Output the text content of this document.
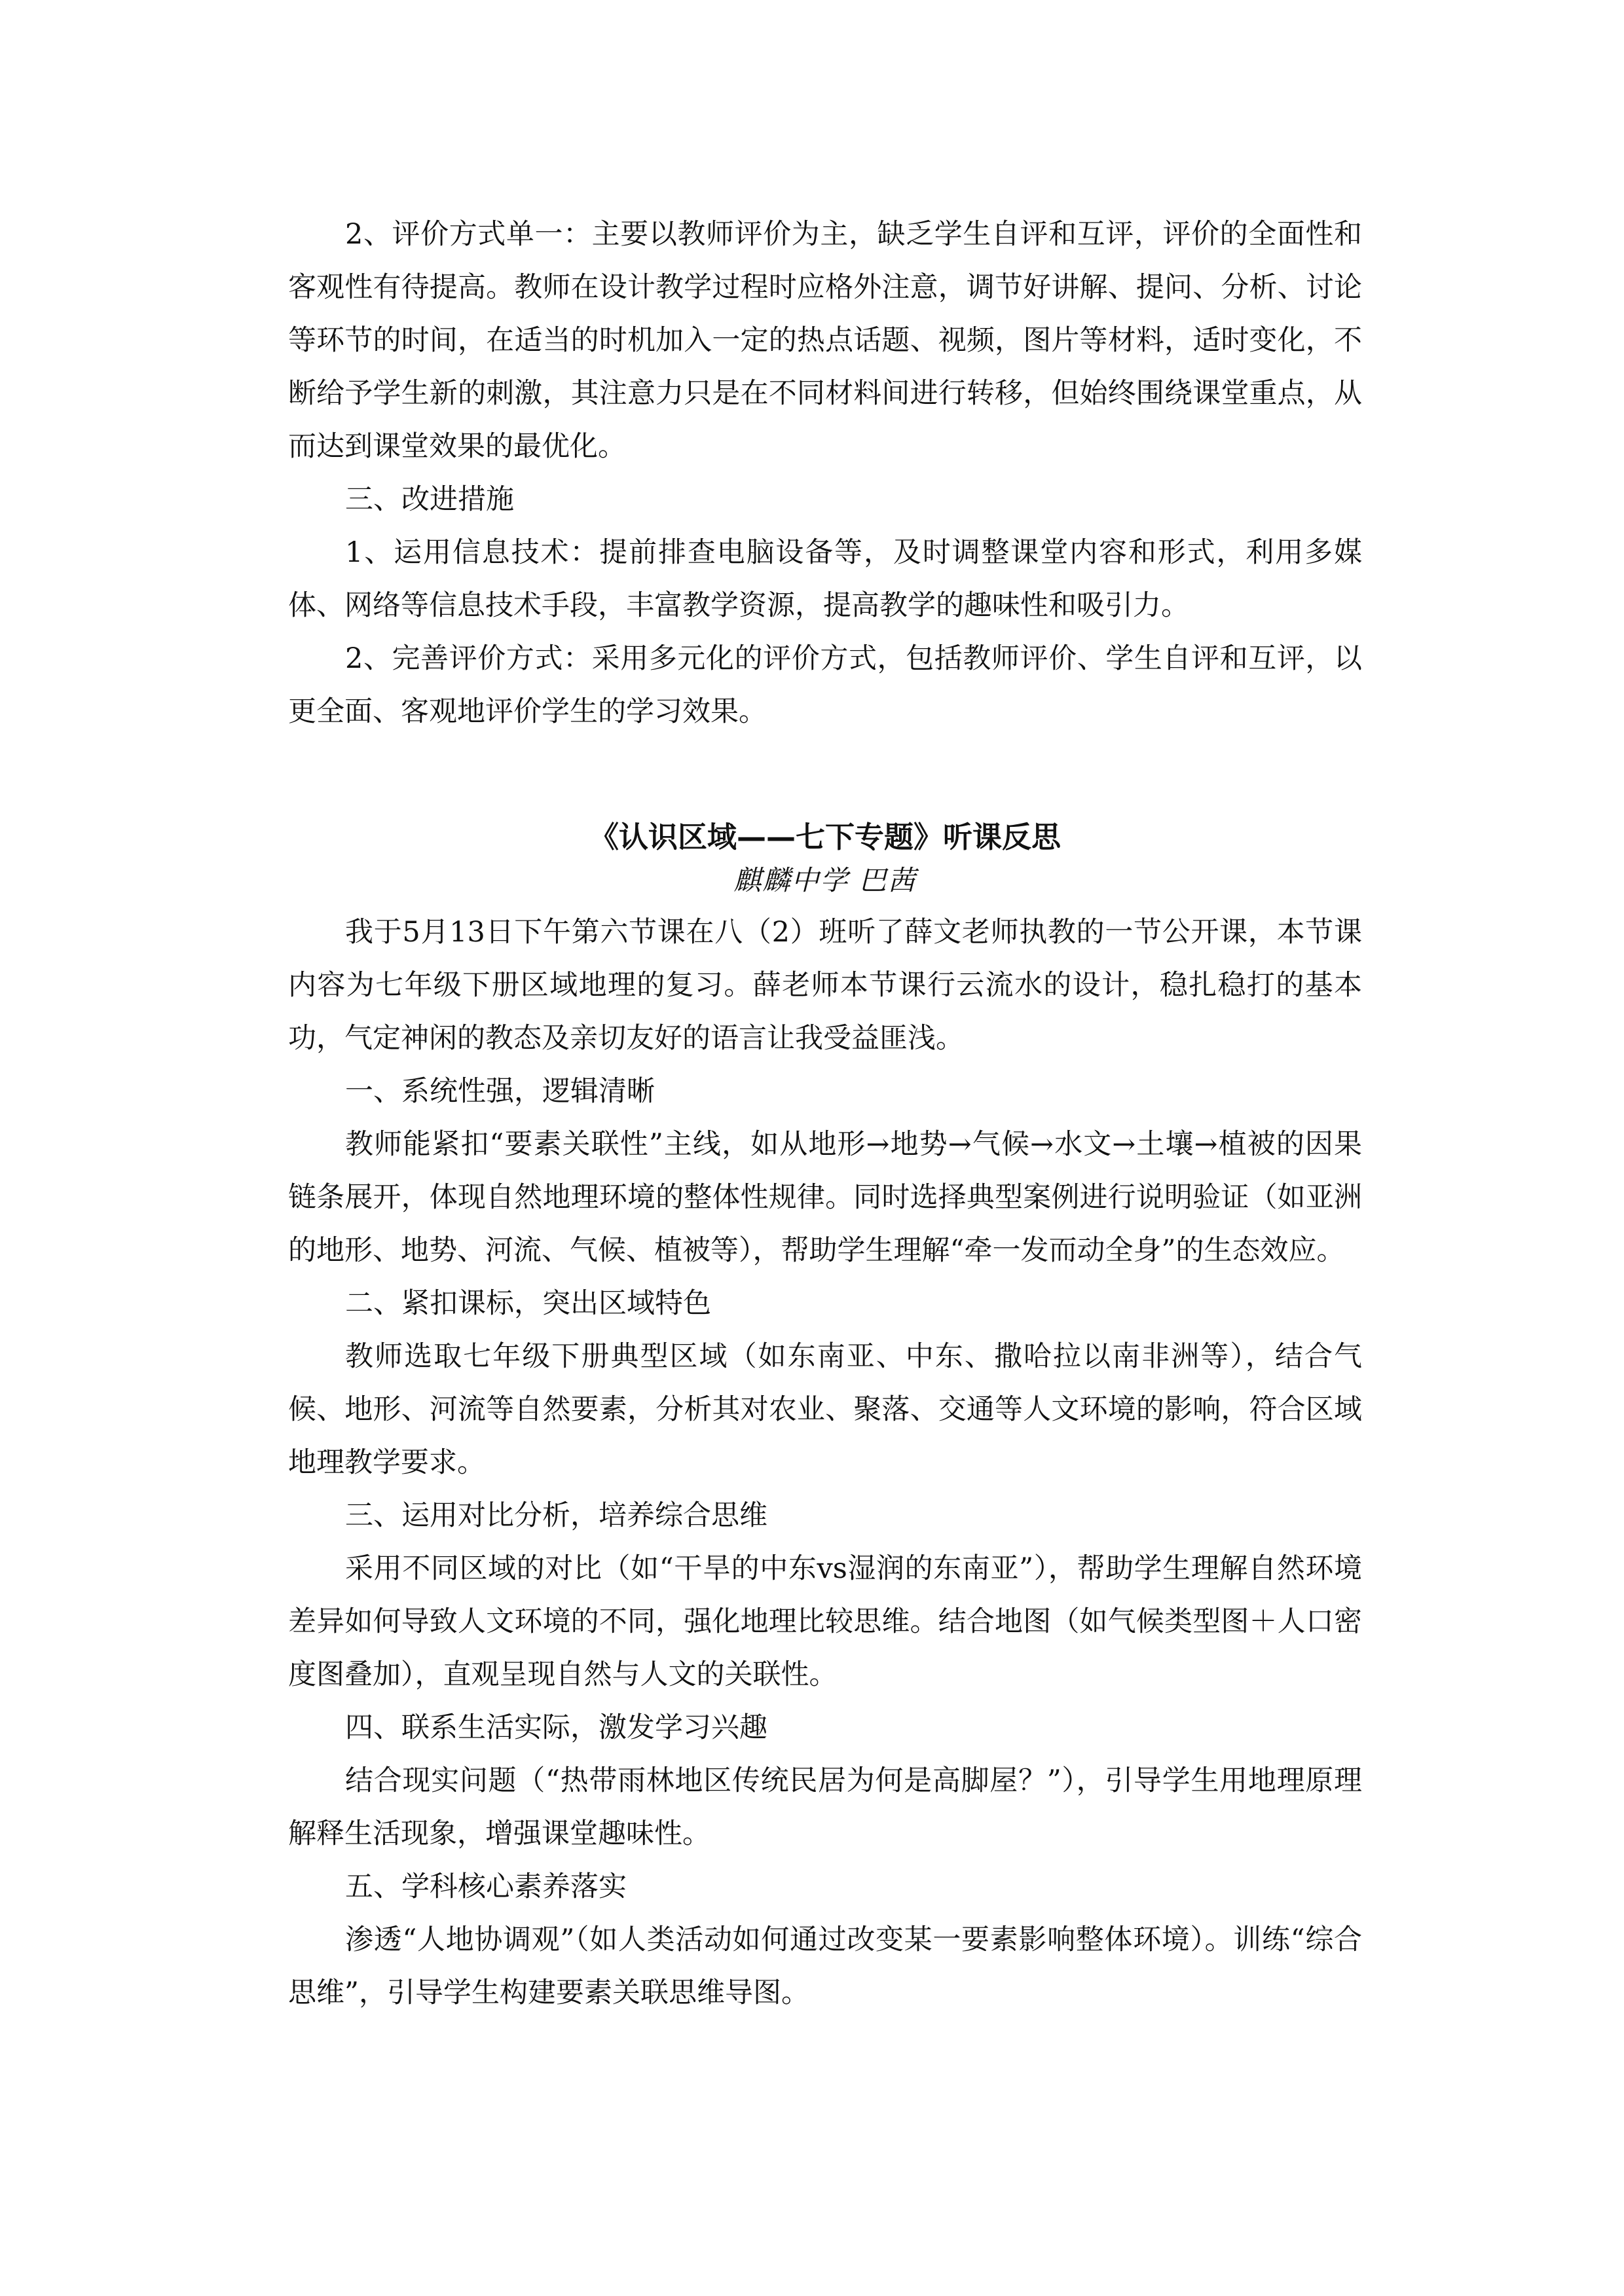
2、评价方式单一：主要以教师评价为主，缺乏学生自评和互评，评价的全面性和客观性有待提高。教师在设计教学过程时应格外注意，调节好讲解、提问、分析、讨论等环节的时间，在适当的时机加入一定的热点话题、视频，图片等材料，适时变化，不断给予学生新的刺激，其注意力只是在不同材料间进行转移，但始终围绕课堂重点，从而达到课堂效果的最优化。

三、改进措施

1、运用信息技术：提前排查电脑设备等，及时调整课堂内容和形式，利用多媒体、网络等信息技术手段，丰富教学资源，提高教学的趣味性和吸引力。

2、完善评价方式：采用多元化的评价方式，包括教师评价、学生自评和互评，以更全面、客观地评价学生的学习效果。

《认识区域——七下专题》听课反思

麒麟中学 巴茜

我于5月13日下午第六节课在八（2）班听了薛文老师执教的一节公开课，本节课内容为七年级下册区域地理的复习。薛老师本节课行云流水的设计，稳扎稳打的基本功，气定神闲的教态及亲切友好的语言让我受益匪浅。

一、系统性强，逻辑清晰

教师能紧扣“要素关联性”主线，如从地形→地势→气候→水文→土壤→植被的因果链条展开，体现自然地理环境的整体性规律。同时选择典型案例进行说明验证（如亚洲的地形、地势、河流、气候、植被等），帮助学生理解“牵一发而动全身”的生态效应。

二、紧扣课标，突出区域特色

教师选取七年级下册典型区域（如东南亚、中东、撒哈拉以南非洲等），结合气候、地形、河流等自然要素，分析其对农业、聚落、交通等人文环境的影响，符合区域地理教学要求。

三、运用对比分析，培养综合思维

采用不同区域的对比（如“干旱的中东vs湿润的东南亚”），帮助学生理解自然环境差异如何导致人文环境的不同，强化地理比较思维。结合地图（如气候类型图＋人口密度图叠加），直观呈现自然与人文的关联性。

四、联系生活实际，激发学习兴趣

结合现实问题（“热带雨林地区传统民居为何是高脚屋？”），引导学生用地理原理解释生活现象，增强课堂趣味性。

五、学科核心素养落实

渗透“人地协调观”（如人类活动如何通过改变某一要素影响整体环境）。训练“综合思维”，引导学生构建要素关联思维导图。
